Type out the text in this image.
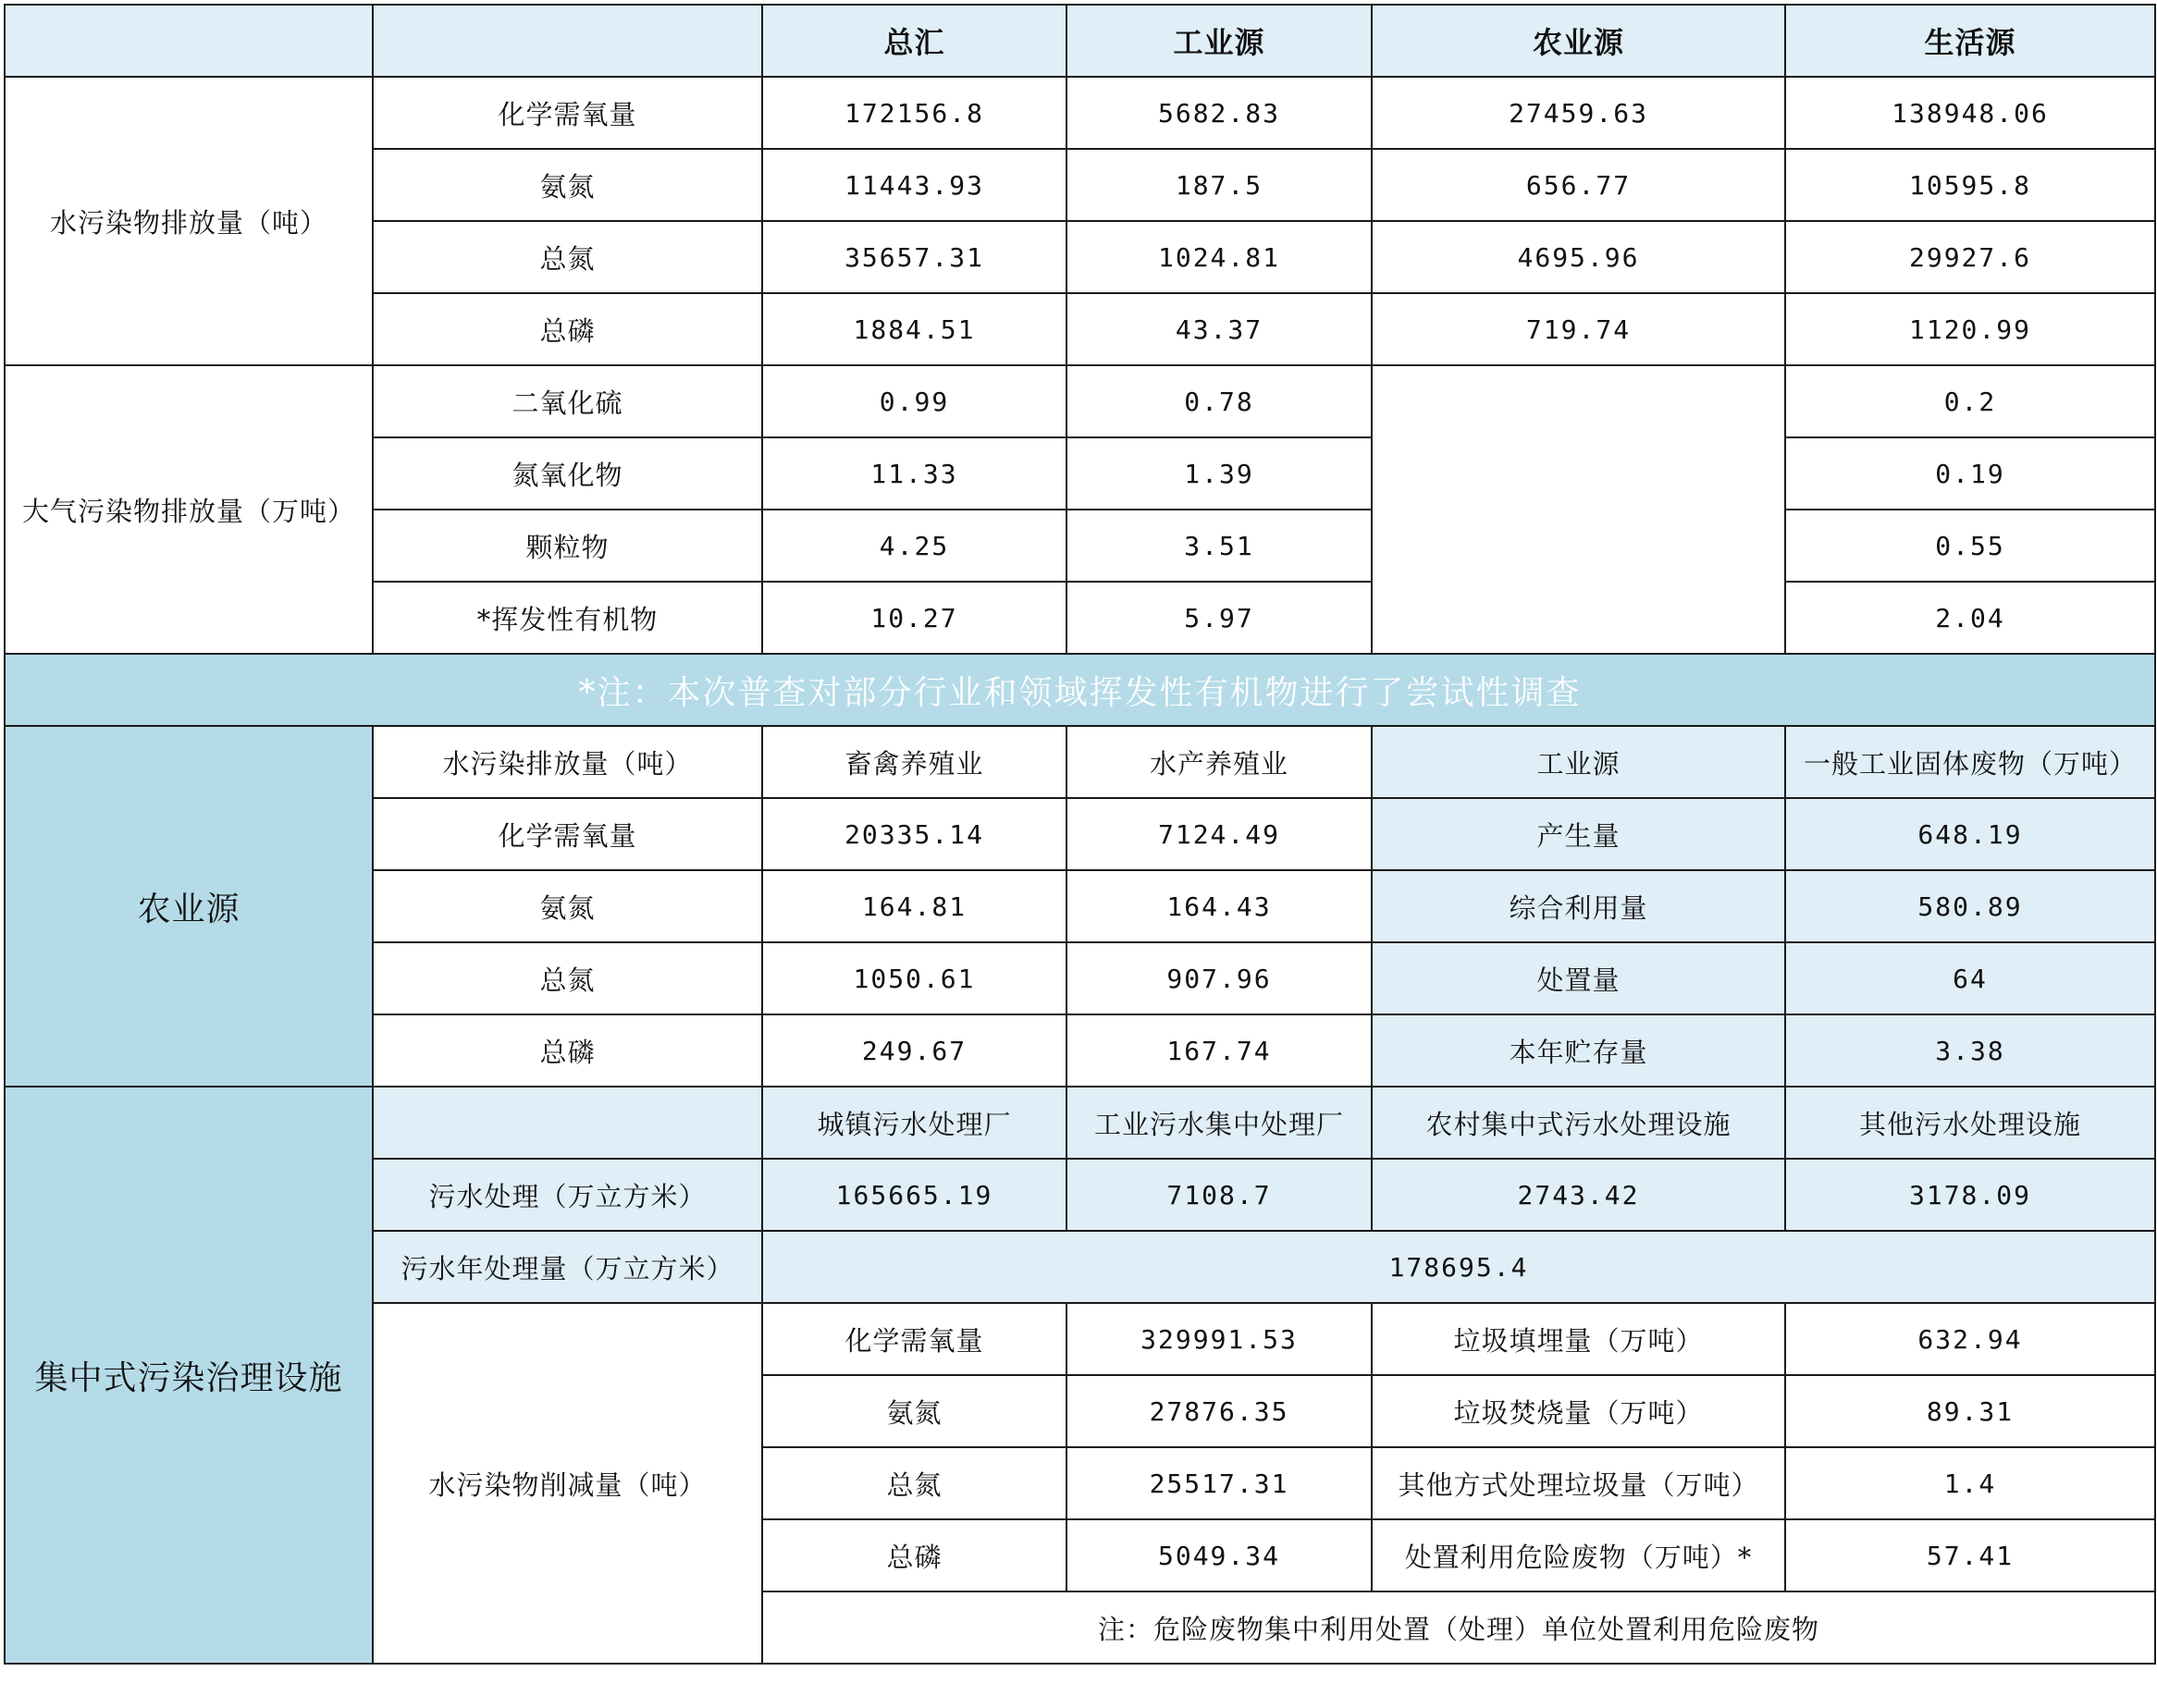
		总汇	工业源	农业源	生活源
水污染物排放量（吨）	化学需氧量	172156.8	5682.83	27459.63	138948.06
	氨氮	11443.93	187.5	656.77	10595.8
	总氮	35657.31	1024.81	4695.96	29927.6
	总磷	1884.51	43.37	719.74	1120.99
大气污染物排放量（万吨）	二氧化硫	0.99	0.78		0.2
	氮氧化物	11.33	1.39		0.19
	颗粒物	4.25	3.51		0.55
	*挥发性有机物	10.27	5.97		2.04
*注：本次普查对部分行业和领域挥发性有机物进行了尝试性调查					
农业源	水污染排放量（吨）	畜禽养殖业	水产养殖业	工业源	一般工业固体废物（万吨）
	化学需氧量	20335.14	7124.49	产生量	648.19
	氨氮	164.81	164.43	综合利用量	580.89
	总氮	1050.61	907.96	处置量	64
	总磷	249.67	167.74	本年贮存量	3.38
集中式污染治理设施		城镇污水处理厂	工业污水集中处理厂	农村集中式污水处理设施	其他污水处理设施
	污水处理（万立方米）	165665.19	7108.7	2743.42	3178.09
	污水年处理量（万立方米）	178695.4			
	水污染物削减量（吨）	化学需氧量	329991.53	垃圾填埋量（万吨）	632.94
		氨氮	27876.35	垃圾焚烧量（万吨）	89.31
		总氮	25517.31	其他方式处理垃圾量（万吨）	1.4
		总磷	5049.34	处置利用危险废物（万吨）*	57.41
		注：危险废物集中利用处置（处理）单位处置利用危险废物			
